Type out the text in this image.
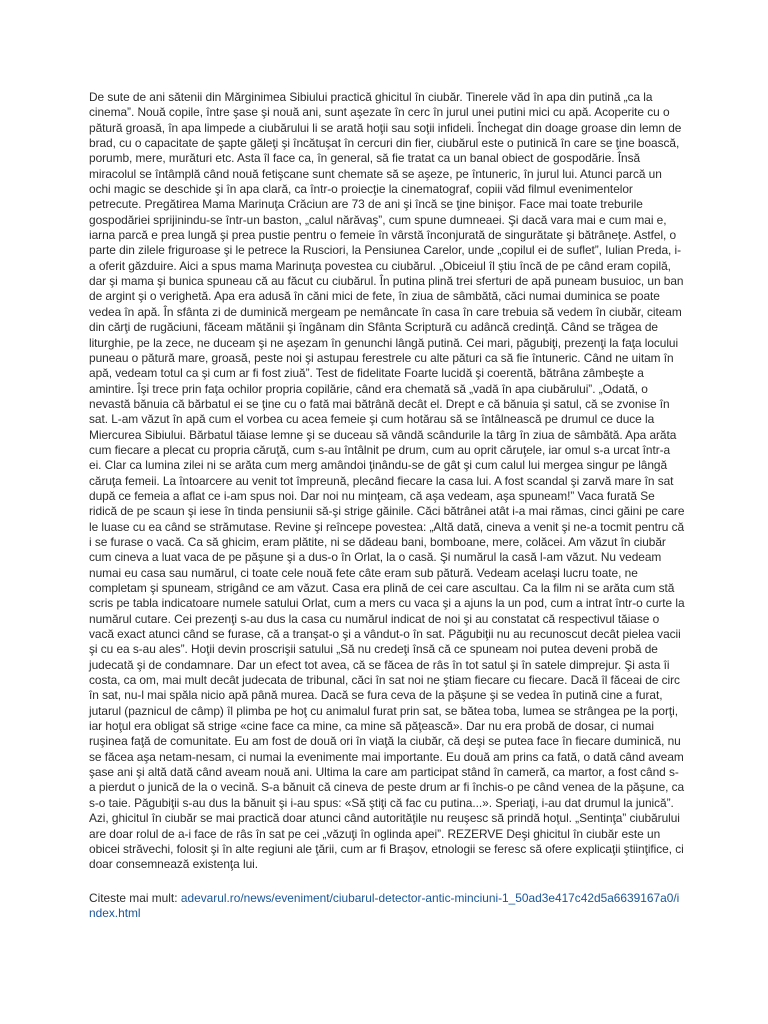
De sute de ani sătenii din Mărginimea Sibiului practică ghicitul în ciubăr. Tinerele văd în apa din putină „ca la cinema”. Nouă copile, între şase şi nouă ani, sunt aşezate în cerc în jurul unei putini mici cu apă. Acoperite cu o pătură groasă, în apa limpede a ciubărului li se arată hoţii sau soţii infideli. Închegat din doage groase din lemn de brad, cu o capacitate de şapte găleţi şi încătuşat în cercuri din fier, ciubărul este o putinică în care se ţine boască, porumb, mere, murături etc. Asta îl face ca, în general, să fie tratat ca un banal obiect de gospodărie. Însă miracolul se întâmplă când nouă fetişcane sunt chemate să se aşeze, pe întuneric, în jurul lui. Atunci parcă un ochi magic se deschide şi în apa clară, ca într-o proiecţie la cinematograf, copiii văd filmul evenimentelor petrecute. Pregătirea Mama Marinuţa Crăciun are 73 de ani şi încă se ţine binişor. Face mai toate treburile gospodăriei sprijinindu-se într-un baston, „calul nărăvaş”, cum spune dumneaei. Şi dacă vara mai e cum mai e, iarna parcă e prea lungă şi prea pustie pentru o femeie în vârstă înconjurată de singurătate şi bătrâneţe. Astfel, o parte din zilele friguroase şi le petrece la Rusciori, la Pensiunea Carelor, unde „copilul ei de suflet”, Iulian Preda, i-a oferit găzduire. Aici a spus mama Marinuţa povestea cu ciubărul. „Obiceiul îl ştiu încă de pe când eram copilă, dar şi mama şi bunica spuneau că au făcut cu ciubărul. În putina plină trei sferturi de apă puneam busuioc, un ban de argint şi o verighetă. Apa era adusă în căni mici de fete, în ziua de sâmbătă, căci numai duminica se poate vedea în apă. În sfânta zi de duminică mergeam pe nemâncate în casa în care trebuia să vedem în ciubăr, citeam din cărţi de rugăciuni, făceam mătănii şi îngânam din Sfânta Scriptură cu adâncă credinţă. Când se trăgea de liturghie, pe la zece, ne duceam şi ne aşezam în genunchi lângă putină. Cei mari, păgubiţi, prezenţi la faţa locului puneau o pătură mare, groasă, peste noi şi astupau ferestrele cu alte pături ca să fie întuneric. Când ne uitam în apă, vedeam totul ca şi cum ar fi fost ziuă”. Test de fidelitate Foarte lucidă şi coerentă, bătrâna zâmbeşte a amintire. Îşi trece prin faţa ochilor propria copilărie, când era chemată să „vadă în apa ciubărului”. „Odată, o nevastă bănuia că bărbatul ei se ţine cu o fată mai bătrână decât el. Drept e că bănuia şi satul, că se zvonise în sat. L-am văzut în apă cum el vorbea cu acea femeie şi cum hotărau să se întâlnească pe drumul ce duce la Miercurea Sibiului. Bărbatul tăiase lemne şi se duceau să vândă scândurile la târg în ziua de sâmbătă. Apa arăta cum fiecare a plecat cu propria căruţă, cum s-au întâlnit pe drum, cum au oprit căruţele, iar omul s-a urcat într-a ei. Clar ca lumina zilei ni se arăta cum merg amândoi ţinându-se de gât şi cum calul lui mergea singur pe lângă căruţa femeii. La întoarcere au venit tot împreună, plecând fiecare la casa lui. A fost scandal şi zarvă mare în sat după ce femeia a aflat ce i-am spus noi. Dar noi nu minţeam, că aşa vedeam, aşa spuneam!” Vaca furată Se ridică de pe scaun şi iese în tinda pensiunii să-şi strige găinile. Căci bătrânei atât i-a mai rămas, cinci găini pe care le luase cu ea când se strămutase. Revine şi reîncepe povestea: „Altă dată, cineva a venit şi ne-a tocmit pentru că i se furase o vacă. Ca să ghicim, eram plătite, ni se dădeau bani, bomboane, mere, colăcei. Am văzut în ciubăr cum cineva a luat vaca de pe păşune şi a dus-o în Orlat, la o casă. Şi numărul la casă l-am văzut. Nu vedeam numai eu casa sau numărul, ci toate cele nouă fete câte eram sub pătură. Vedeam acelaşi lucru toate, ne completam şi spuneam, strigând ce am văzut. Casa era plină de cei care ascultau. Ca la film ni se arăta cum stă scris pe tabla indicatoare numele satului Orlat, cum a mers cu vaca şi a ajuns la un pod, cum a intrat într-o curte la numărul cutare. Cei prezenţi s-au dus la casa cu numărul indicat de noi şi au constatat că respectivul tăiase o vacă exact atunci când se furase, că a tranşat-o şi a vândut-o în sat. Păgubiţii nu au recunoscut decât pielea vacii şi cu ea s-au ales”. Hoţii devin proscrişii satului „Să nu credeţi însă că ce spuneam noi putea deveni probă de judecată şi de condamnare. Dar un efect tot avea, că se făcea de râs în tot satul şi în satele dimprejur. Şi asta îi costa, ca om, mai mult decât judecata de tribunal, căci în sat noi ne ştiam fiecare cu fiecare. Dacă îl făceai de circ în sat, nu-l mai spăla nicio apă până murea. Dacă se fura ceva de la păşune şi se vedea în putină cine a furat, jutarul (paznicul de câmp) îl plimba pe hoţ cu animalul furat prin sat, se bătea toba, lumea se strângea pe la porţi, iar hoţul era obligat să strige «cine face ca mine, ca mine să păţească». Dar nu era probă de dosar, ci numai ruşinea faţă de comunitate. Eu am fost de două ori în viaţă la ciubăr, că deşi se putea face în fiecare duminică, nu se făcea aşa netam-nesam, ci numai la evenimente mai importante. Eu două am prins ca fată, o dată când aveam şase ani şi altă dată când aveam nouă ani. Ultima la care am participat stând în cameră, ca martor, a fost când s-a pierdut o junică de la o vecină. S-a bănuit că cineva de peste drum ar fi închis-o pe când venea de la păşune, ca s-o taie. Păgubiţii s-au dus la bănuit şi i-au spus: «Să ştiţi că fac cu putina...». Speriaţi, i-au dat drumul la junică”. Azi, ghicitul în ciubăr se mai practică doar atunci când autorităţile nu reuşesc să prindă hoţul. „Sentinţa” ciubărului are doar rolul de a-i face de râs în sat pe cei „văzuţi în oglinda apei”. REZERVE Deşi ghicitul în ciubăr este un obicei străvechi, folosit şi în alte regiuni ale ţării, cum ar fi Braşov, etnologii se feresc să ofere explicaţii ştiinţifice, ci doar consemnează existenţa lui.

Citeste mai mult: adevarul.ro/news/eveniment/ciubarul-detector-antic-minciuni-1_50ad3e417c42d5a6639167a0/index.html
